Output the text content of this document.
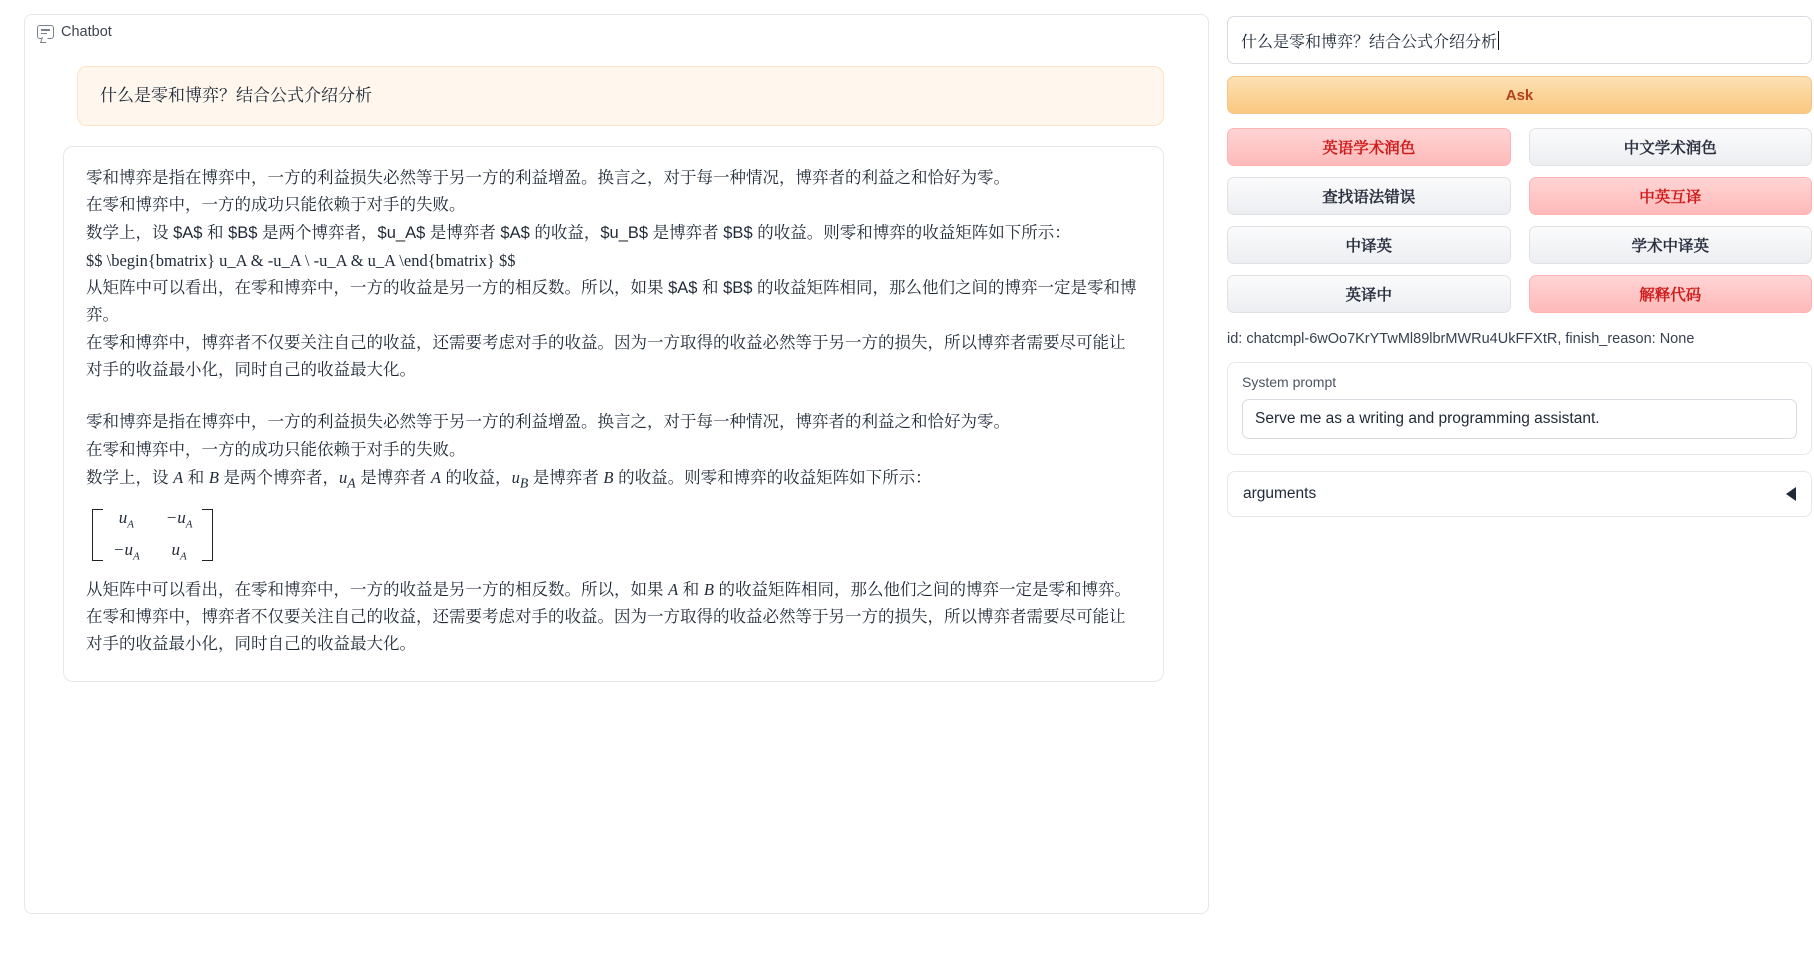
Chatbot
什么是零和博弈？结合公式介绍分析

零和博弈是指在博弈中，一方的利益损失必然等于另一方的利益增盈。换言之，对于每一种情况，博弈者的利益之和恰好为零。

在零和博弈中，一方的成功只能依赖于对手的失败。

数学上，设 $A$ 和 $B$ 是两个博弈者，$u_A$ 是博弈者 $A$ 的收益，$u_B$ 是博弈者 $B$ 的收益。则零和博弈的收益矩阵如下所示：

$$ \begin{bmatrix} u_A & -u_A \ -u_A & u_A \end{bmatrix} $$

从矩阵中可以看出，在零和博弈中，一方的收益是另一方的相反数。所以，如果 $A$ 和 $B$ 的收益矩阵相同，那么他们之间的博弈一定是零和博弈。

在零和博弈中，博弈者不仅要关注自己的收益，还需要考虑对手的收益。因为一方取得的收益必然等于另一方的损失，所以博弈者需要尽可能让对手的收益最小化，同时自己的收益最大化。

零和博弈是指在博弈中，一方的利益损失必然等于另一方的利益增盈。换言之，对于每一种情况，博弈者的利益之和恰好为零。

在零和博弈中，一方的成功只能依赖于对手的失败。

数学上，设 A 和 B 是两个博弈者，$u_A$ 是博弈者 A 的收益，$u_B$ 是博弈者 B 的收益。则零和博弈的收益矩阵如下所示：

$u_A$	$-u_A$
$-u_A$	$u_A$

从矩阵中可以看出，在零和博弈中，一方的收益是另一方的相反数。所以，如果 A 和 B 的收益矩阵相同，那么他们之间的博弈一定是零和博弈。

在零和博弈中，博弈者不仅要关注自己的收益，还需要考虑对手的收益。因为一方取得的收益必然等于另一方的损失，所以博弈者需要尽可能让对手的收益最小化，同时自己的收益最大化。

什么是零和博弈？结合公式介绍分析
Ask
英语学术润色	中文学术润色
查找语法错误	中英互译
中译英	学术中译英
英译中	解释代码
id: chatcmpl-6wOo7KrYTwMl89lbrMWRu4UkFFXtR, finish_reason: None
System prompt
Serve me as a writing and programming assistant.
arguments
